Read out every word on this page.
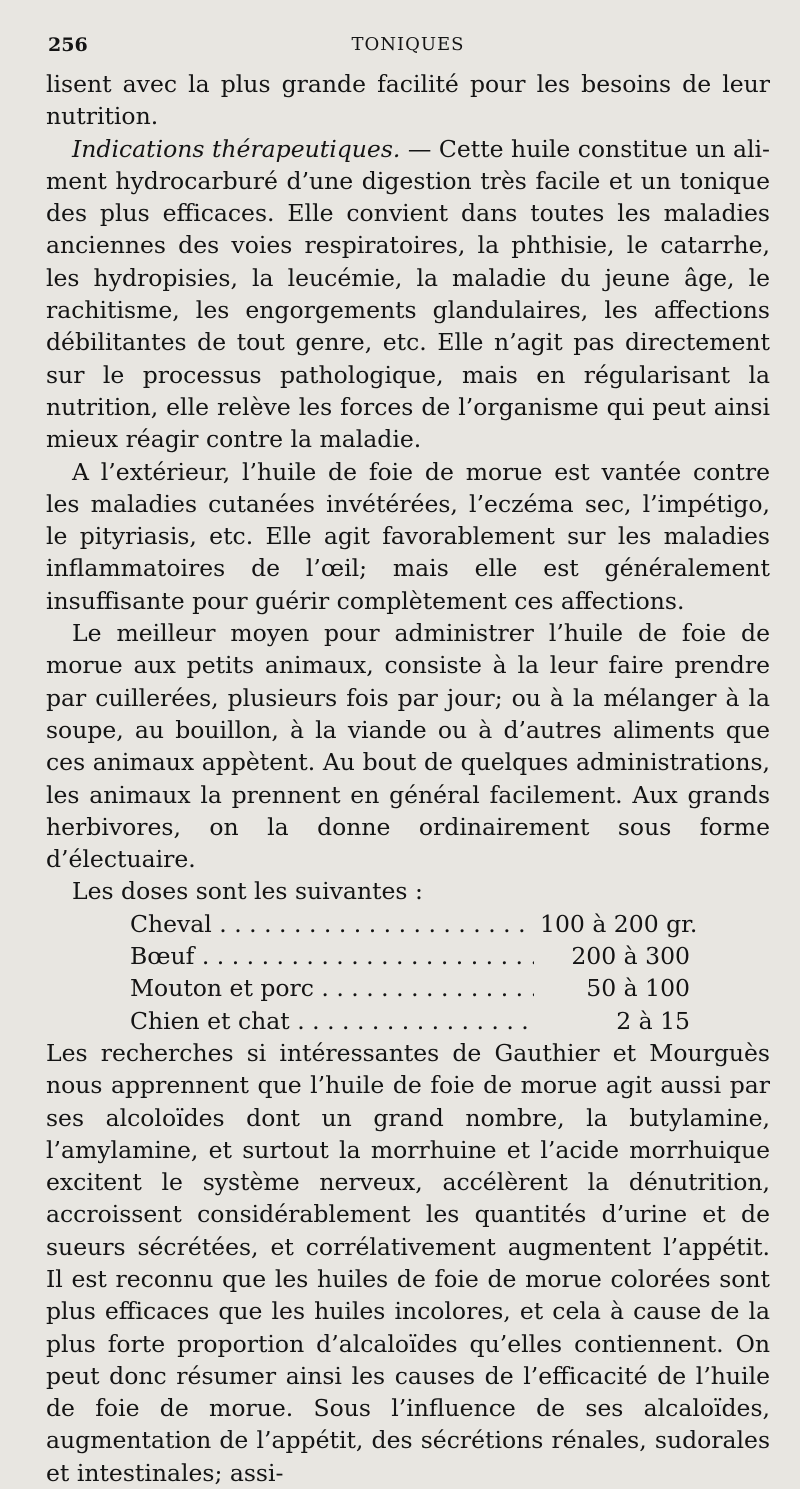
256	TONIQUES

lisent avec la plus grande facilité pour les besoins de leur nutrition.

Indications thérapeutiques. — Cette huile constitue un aliment hydrocarburé d’une digestion très facile et un tonique des plus efficaces. Elle convient dans toutes les maladies anciennes des voies respiratoires, la phthisie, le catarrhe, les hydropisies, la leucémie, la maladie du jeune âge, le rachitisme, les engorgements glandulaires, les affections débilitantes de tout genre, etc. Elle n’agit pas directement sur le processus pathologique, mais en régularisant la nutrition, elle relève les forces de l’organisme qui peut ainsi mieux réagir contre la maladie.

A l’extérieur, l’huile de foie de morue est vantée contre les maladies cutanées invétérées, l’eczéma sec, l’impétigo, le pityriasis, etc. Elle agit favorablement sur les maladies inflammatoires de l’œil; mais elle est généralement insuffisante pour guérir complètement ces affections.

Le meilleur moyen pour administrer l’huile de foie de morue aux petits animaux, consiste à la leur faire prendre par cuillerées, plusieurs fois par jour; ou à la mélanger à la soupe, au bouillon, à la viande ou à d’autres aliments que ces animaux appètent. Au bout de quelques administrations, les animaux la prennent en général facilement. Aux grands herbivores, on la donne ordinairement sous forme d’électuaire.

Les doses sont les suivantes :

Cheval . . .	100 à 200 gr.
Bœuf . . .	200 à 300
Mouton et porc . . .	50 à 100
Chien et chat . . .	2 à 15

Les recherches si intéressantes de Gauthier et Mourguès nous apprennent que l’huile de foie de morue agit aussi par ses alcoloïdes dont un grand nombre, la butylamine, l’amylamine, et surtout la morrhuine et l’acide morrhuique excitent le système nerveux, accélèrent la dénutrition, accroissent considérablement les quantités d’urine et de sueurs sécrétées, et corrélativement augmentent l’appétit. Il est reconnu que les huiles de foie de morue colorées sont plus efficaces que les huiles incolores, et cela à cause de la plus forte proportion d’alcaloïdes qu’elles contiennent. On peut donc résumer ainsi les causes de l’efficacité de l’huile de foie de morue. Sous l’influence de ses alcaloïdes, augmentation de l’appétit, des sécrétions rénales, sudorales et intestinales; assi-
